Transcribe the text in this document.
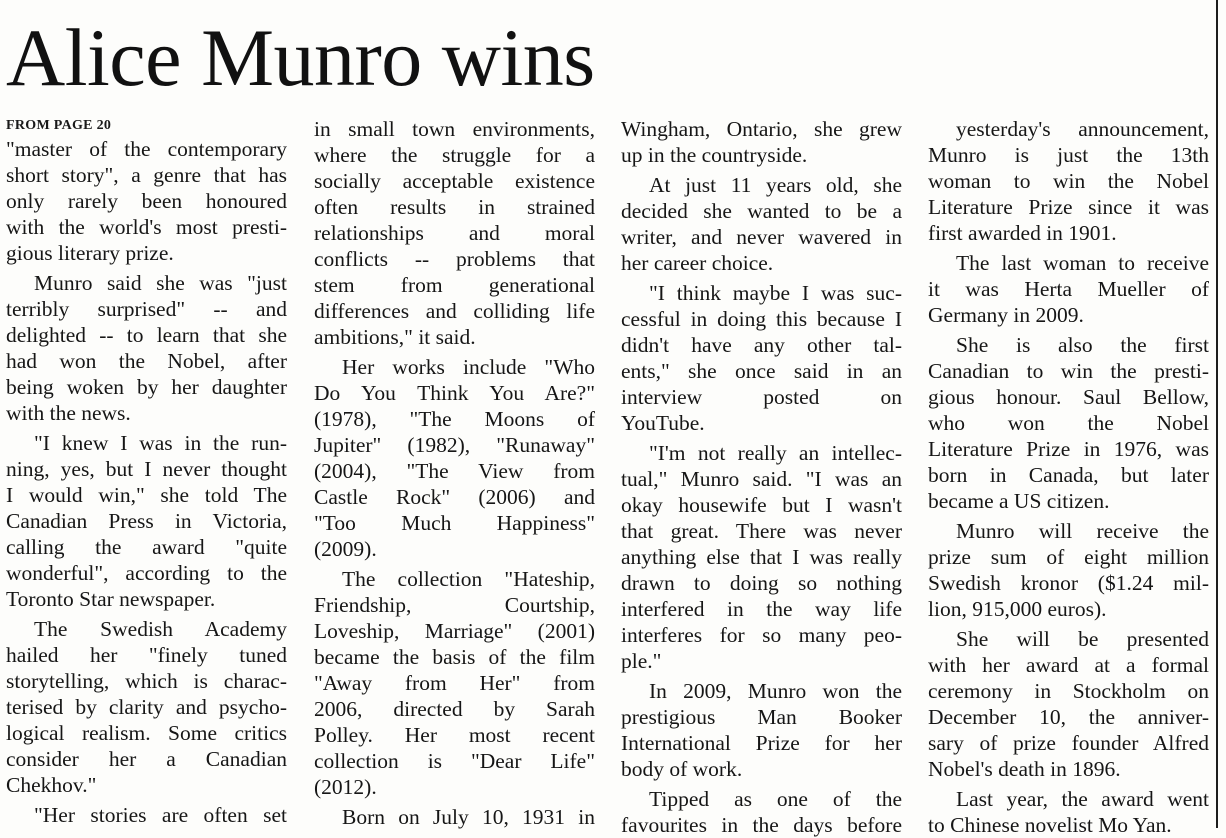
Alice Munro wins
FROM PAGE 20
"master of the contemporary
short story", a genre that has
only rarely been honoured
with the world's most presti-
gious literary prize.
Munro said she was "just
terribly surprised" -- and
delighted -- to learn that she
had won the Nobel, after
being woken by her daughter
with the news.
"I knew I was in the run-
ning, yes, but I never thought
I would win," she told The
Canadian Press in Victoria,
calling the award "quite
wonderful", according to the
Toronto Star newspaper.
The Swedish Academy
hailed her "finely tuned
storytelling, which is charac-
terised by clarity and psycho-
logical realism. Some critics
consider her a Canadian
Chekhov."
"Her stories are often set
in small town environments,
where the struggle for a
socially acceptable existence
often results in strained
relationships and moral
conflicts -- problems that
stem from generational
differences and colliding life
ambitions," it said.
Her works include "Who
Do You Think You Are?"
(1978), "The Moons of
Jupiter" (1982), "Runaway"
(2004), "The View from
Castle Rock" (2006) and
"Too Much Happiness"
(2009).
The collection "Hateship,
Friendship, Courtship,
Loveship, Marriage" (2001)
became the basis of the film
"Away from Her" from
2006, directed by Sarah
Polley. Her most recent
collection is "Dear Life"
(2012).
Born on July 10, 1931 in
Wingham, Ontario, she grew
up in the countryside.
At just 11 years old, she
decided she wanted to be a
writer, and never wavered in
her career choice.
"I think maybe I was suc-
cessful in doing this because I
didn't have any other tal-
ents," she once said in an
interview posted on
YouTube.
"I'm not really an intellec-
tual," Munro said. "I was an
okay housewife but I wasn't
that great. There was never
anything else that I was really
drawn to doing so nothing
interfered in the way life
interferes for so many peo-
ple."
In 2009, Munro won the
prestigious Man Booker
International Prize for her
body of work.
Tipped as one of the
favourites in the days before
yesterday's announcement,
Munro is just the 13th
woman to win the Nobel
Literature Prize since it was
first awarded in 1901.
The last woman to receive
it was Herta Mueller of
Germany in 2009.
She is also the first
Canadian to win the presti-
gious honour. Saul Bellow,
who won the Nobel
Literature Prize in 1976, was
born in Canada, but later
became a US citizen.
Munro will receive the
prize sum of eight million
Swedish kronor ($1.24 mil-
lion, 915,000 euros).
She will be presented
with her award at a formal
ceremony in Stockholm on
December 10, the anniver-
sary of prize founder Alfred
Nobel's death in 1896.
Last year, the award went
to Chinese novelist Mo Yan.
